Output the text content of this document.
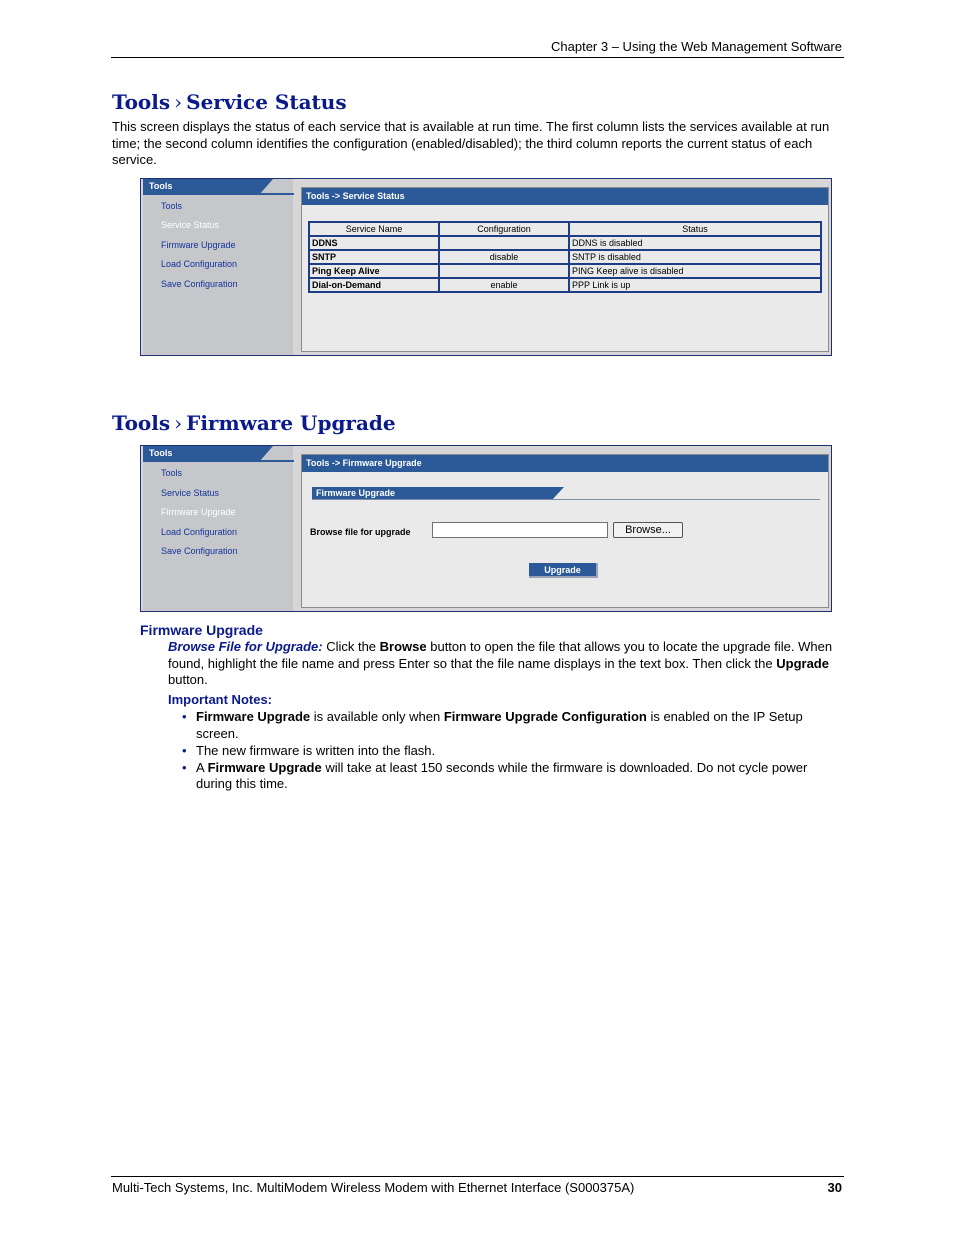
Chapter 3 – Using the Web Management Software
Tools › Service Status
This screen displays the status of each service that is available at run time. The first column lists the services available at run time; the second column identifies the configuration (enabled/disabled); the third column reports the current status of each service.
Tools
Tools
Service Status
Firmware Upgrade
Load Configuration
Save Configuration
Tools -> Service Status
Service Name	Configuration	Status
DDNS		DDNS is disabled
SNTP	disable	SNTP is disabled
Ping Keep Alive		PING Keep alive is disabled
Dial-on-Demand	enable	PPP Link is up
Tools › Firmware Upgrade
Tools
Tools
Service Status
Firmware Upgrade
Load Configuration
Save Configuration
Tools -> Firmware Upgrade
Firmware Upgrade
Browse file for upgrade	Browse...
Upgrade
Firmware Upgrade
Browse File for Upgrade: Click the Browse button to open the file that allows you to locate the upgrade file. When found, highlight the file name and press Enter so that the file name displays in the text box. Then click the Upgrade button.
Important Notes:
• Firmware Upgrade is available only when Firmware Upgrade Configuration is enabled on the IP Setup screen.
• The new firmware is written into the flash.
• A Firmware Upgrade will take at least 150 seconds while the firmware is downloaded. Do not cycle power during this time.
Multi-Tech Systems, Inc. MultiModem Wireless Modem with Ethernet Interface (S000375A)	30
